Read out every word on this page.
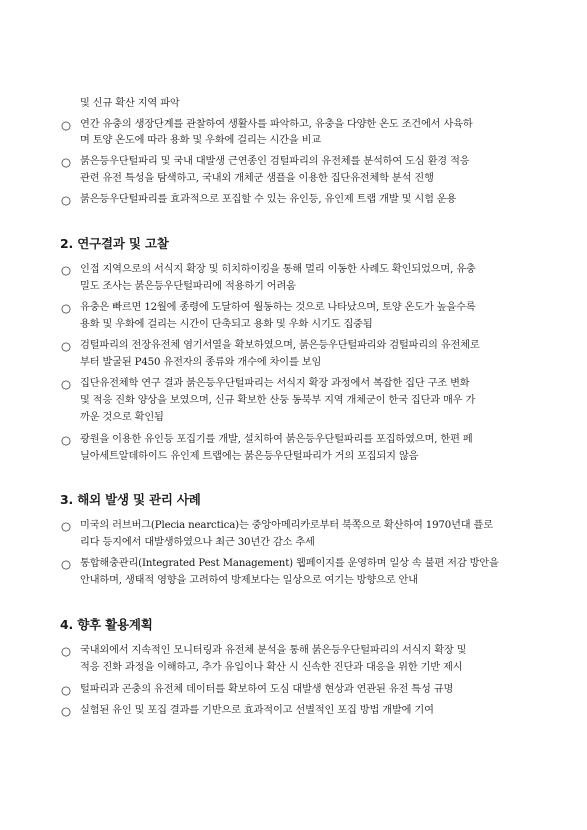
및 신규 확산 지역 파악
○ 연간 유충의 생장단계를 관찰하여 생활사를 파악하고, 유충을 다양한 온도 조건에서 사육하
며 토양 온도에 따라 용화 및 우화에 걸리는 시간을 비교
○ 붉은등우단털파리 및 국내 대발생 근연종인 검털파리의 유전체를 분석하여 도심 환경 적응
관련 유전 특성을 탐색하고, 국내외 개체군 샘플을 이용한 집단유전체학 분석 진행
○ 붉은등우단털파리를 효과적으로 포집할 수 있는 유인등, 유인제 트랩 개발 및 시험 운용
2. 연구결과 및 고찰
○ 인접 지역으로의 서식지 확장 및 히치하이킹을 통해 멀리 이동한 사례도 확인되었으며, 유충
밀도 조사는 붉은등우단털파리에 적용하기 어려움
○ 유충은 빠르면 12월에 종령에 도달하여 월동하는 것으로 나타났으며, 토양 온도가 높을수록
용화 및 우화에 걸리는 시간이 단축되고 용화 및 우화 시기도 집중됨
○ 검털파리의 전장유전체 염기서열을 확보하였으며, 붉은등우단털파리와 검털파리의 유전체로
부터 발굴된 P450 유전자의 종류와 개수에 차이를 보임
○ 집단유전체학 연구 결과 붉은등우단털파리는 서식지 확장 과정에서 복잡한 집단 구조 변화
및 적응 진화 양상을 보였으며, 신규 확보한 산둥 동북부 지역 개체군이 한국 집단과 매우 가
까운 것으로 확인됨
○ 광원을 이용한 유인등 포집기를 개발, 설치하여 붉은등우단털파리를 포집하였으며, 한편 페
닐아세트알데하이드 유인제 트랩에는 붉은등우단털파리가 거의 포집되지 않음
3. 해외 발생 및 관리 사례
○ 미국의 러브버그(Plecia nearctica)는 중앙아메리카로부터 북쪽으로 확산하여 1970년대 플로
리다 등지에서 대발생하였으나 최근 30년간 감소 추세
○ 통합해충관리(Integrated Pest Management) 웹페이지를 운영하며 일상 속 불편 저감 방안을
안내하며, 생태적 영향을 고려하여 방제보다는 일상으로 여기는 방향으로 안내
4. 향후 활용계획
○ 국내외에서 지속적인 모니터링과 유전체 분석을 통해 붉은등우단털파리의 서식지 확장 및
적응 진화 과정을 이해하고, 추가 유입이나 확산 시 신속한 진단과 대응을 위한 기반 제시
○ 털파리과 곤충의 유전체 데이터를 확보하여 도심 대발생 현상과 연관된 유전 특성 규명
○ 실험된 유인 및 포집 결과를 기반으로 효과적이고 선별적인 포집 방법 개발에 기여
